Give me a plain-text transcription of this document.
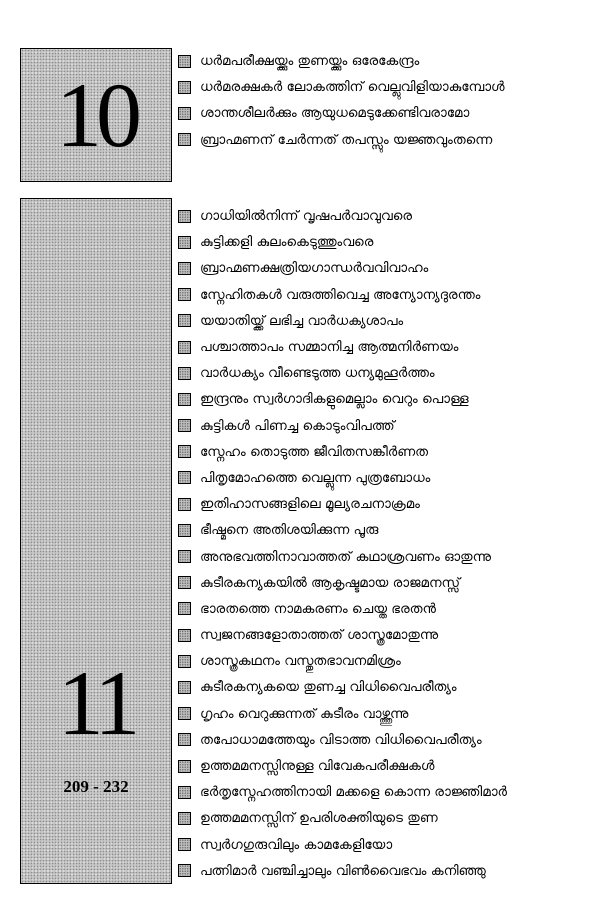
10
ധർമപരീക്ഷയ്ക്കും തുണയ്ക്കും ഒരേകേന്ദ്രം
ധർമരക്ഷകർ ലോകത്തിന് വെല്ലുവിളിയാകുമ്പോൾ
ശാന്തശീലർക്കും ആയുധമെടുക്കേണ്ടിവരാമോ
ബ്രാഹ്മണന് ചേർന്നത് തപസ്സും യജ്ഞവുംതന്നെ
11
209 - 232
ഗാധിയിൽനിന്ന് വൃഷപർവാവുവരെ
കുട്ടിക്കളി കുലംകെടുത്തുംവരെ
ബ്രാഹ്മണക്ഷത്രിയഗാന്ധർവവിവാഹം
സ്നേഹിതകൾ വരുത്തിവെച്ച അന്യോന്യദുരന്തം
യയാതിയ്ക്ക് ലഭിച്ച വാർധക്യശാപം
പശ്ചാത്താപം സമ്മാനിച്ച ആത്മനിർണയം
വാർധക്യം വീണ്ടെടുത്ത ധന്യമുഹൂർത്തം
ഇന്ദ്രനും സ്വർഗാദികളുമെല്ലാം വെറും പൊള്ള
കുട്ടികൾ പിണച്ച കൊടുംവിപത്ത്
സ്നേഹം തൊടുത്ത ജീവിതസങ്കീർണത
പിതൃമോഹത്തെ വെല്ലുന്ന പുത്രബോധം
ഇതിഹാസങ്ങളിലെ മൂല്യരചനാക്രമം
ഭീഷ്മനെ അതിശയിക്കുന്ന പൂരു
അനുഭവത്തിനാവാത്തത് കഥാശ്രവണം ഓതുന്നു
കുടീരകന്യകയിൽ ആകൃഷ്ടമായ രാജമനസ്സ്
ഭാരതത്തെ നാമകരണം ചെയ്ത ഭരതൻ
സ്വജനങ്ങളോതാത്തത് ശാസ്ത്രമോതുന്നു
ശാസ്ത്രകഥനം വസ്തുതഭാവനമിശ്രം
കുടീരകന്യകയെ തുണച്ച വിധിവൈപരീത്യം
ഗൃഹം വെറുക്കുന്നത് കുടീരം വാഴ്ത്തുന്നു
തപോധാമത്തേയും വിടാത്ത വിധിവൈപരീത്യം
ഉത്തമമനസ്സിനുള്ള വിവേകപരീക്ഷകൾ
ഭർതൃസ്നേഹത്തിനായി മക്കളെ കൊന്ന രാജ്ഞിമാർ
ഉത്തമമനസ്സിന് ഉപരിശക്തിയുടെ തുണ
സ്വർഗഗുരുവിലും കാമകേളിയോ
പത്നിമാർ വഞ്ചിച്ചാലും വിൺവൈഭവം കനിഞ്ഞു
